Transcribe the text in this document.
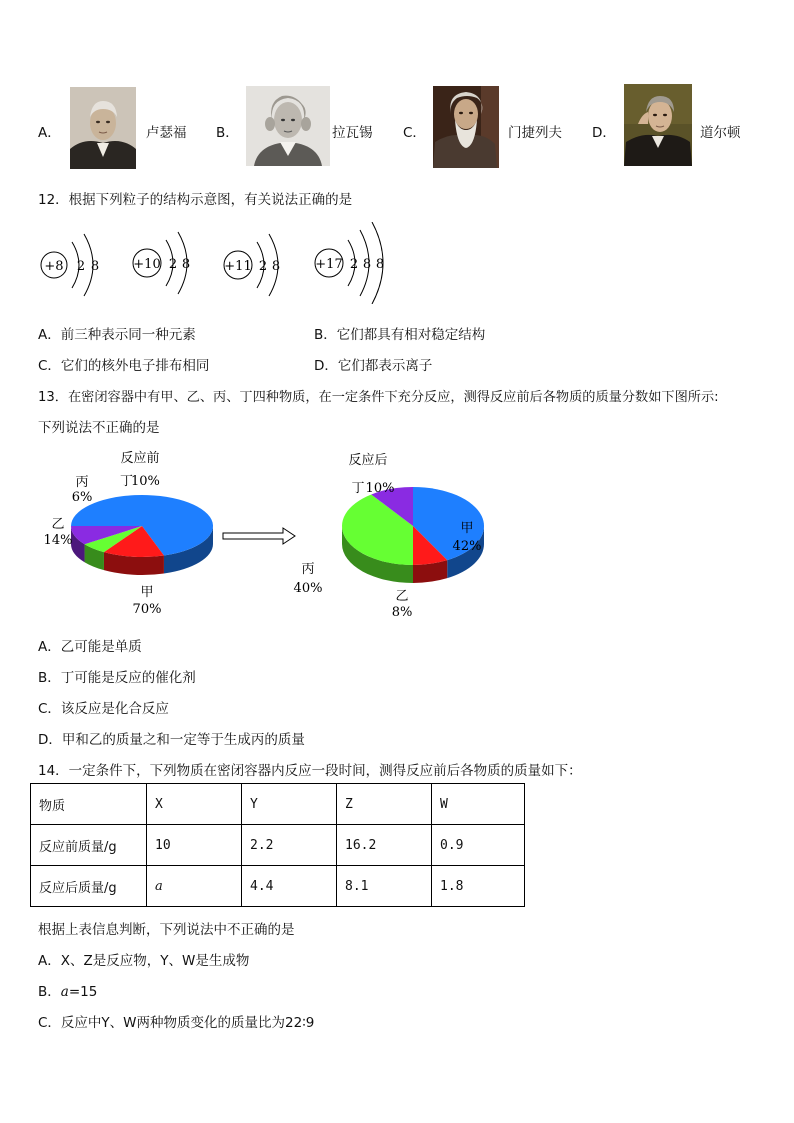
A．	卢瑟福 B．	拉瓦锡 C．	门捷列夫 D．	道尔顿
12．根据下列粒子的结构示意图，有关说法正确的是
+8 2 8	+10 2 8	+11 2 8	+17 2 8 8
A．前三种表示同一种元素	B．它们都具有相对稳定结构
C．它们的核外电子排布相同	D．它们都表示离子
13．在密闭容器中有甲、乙、丙、丁四种物质，在一定条件下充分反应，测得反应前后各物质的质量分数如下图所示:
下列说法不正确的是
反应前
丙
6%
丁
10%
乙
14%
甲
70%
反应后
丁 10%
甲
42%
丙
40%
乙
8%
A．乙可能是单质
B．丁可能是反应的催化剂
C．该反应是化合反应
D．甲和乙的质量之和一定等于生成丙的质量
14．一定条件下，下列物质在密闭容器内反应一段时间，测得反应前后各物质的质量如下：
物质	X	Y	Z	W
反应前质量/g	10	2.2	16.2	0.9
反应后质量/g	a	4.4	8.1	1.8
根据上表信息判断，下列说法中不正确的是
A．X、Z是反应物，Y、W是生成物
B．a=15
C．反应中Y、W两种物质变化的质量比为22∶9
